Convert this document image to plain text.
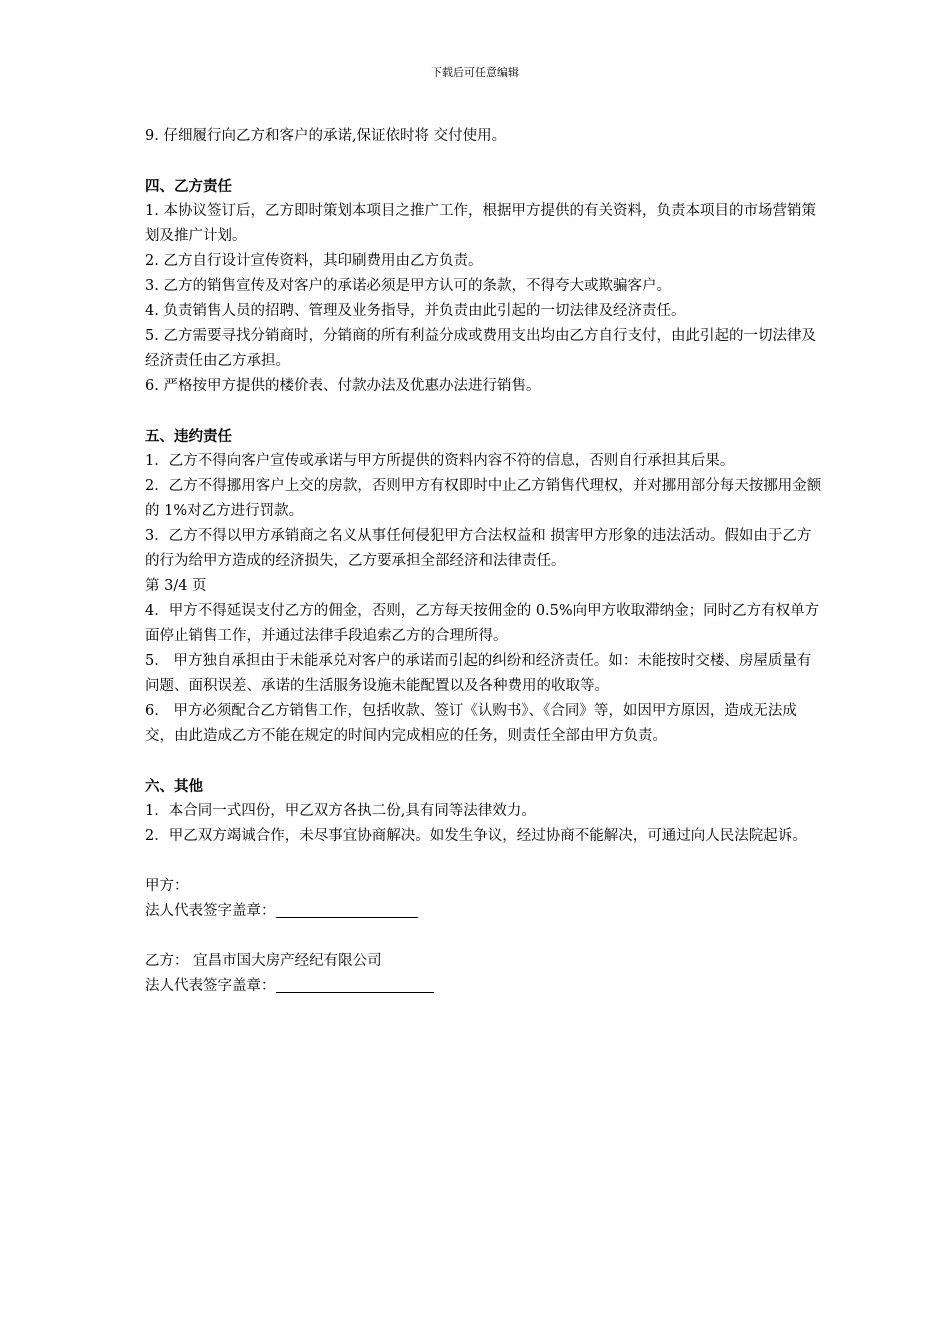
下载后可任意编辑

9. 仔细履行向乙方和客户的承诺,保证依时将 交付使用。

四、乙方责任

1. 本协议签订后，乙方即时策划本项目之推广工作，根据甲方提供的有关资料，负责本项目的市场营销策划及推广计划。

2. 乙方自行设计宣传资料，其印刷费用由乙方负责。

3. 乙方的销售宣传及对客户的承诺必须是甲方认可的条款，不得夸大或欺骗客户。

4. 负责销售人员的招聘、管理及业务指导，并负责由此引起的一切法律及经济责任。

5. 乙方需要寻找分销商时，分销商的所有利益分成或费用支出均由乙方自行支付，由此引起的一切法律及经济责任由乙方承担。

6. 严格按甲方提供的楼价表、付款办法及优惠办法进行销售。

五、违约责任

1．乙方不得向客户宣传或承诺与甲方所提供的资料内容不符的信息，否则自行承担其后果。

2．乙方不得挪用客户上交的房款，否则甲方有权即时中止乙方销售代理权，并对挪用部分每天按挪用金额的 1%对乙方进行罚款。

3．乙方不得以甲方承销商之名义从事任何侵犯甲方合法权益和 损害甲方形象的违法活动。假如由于乙方的行为给甲方造成的经济损失，乙方要承担全部经济和法律责任。

第 3/4 页

4．甲方不得延误支付乙方的佣金，否则，乙方每天按佣金的 0.5%向甲方收取滞纳金；同时乙方有权单方面停止销售工作，并通过法律手段追索乙方的合理所得。

5． 甲方独自承担由于未能承兑对客户的承诺而引起的纠纷和经济责任。如：未能按时交楼、房屋质量有问题、面积误差、承诺的生活服务设施未能配置以及各种费用的收取等。

6． 甲方必须配合乙方销售工作，包括收款、签订《认购书》、《合同》等，如因甲方原因，造成无法成交，由此造成乙方不能在规定的时间内完成相应的任务，则责任全部由甲方负责。

六、其他

1．本合同一式四份，甲乙双方各执二份,具有同等法律效力。

2．甲乙双方竭诚合作，未尽事宜协商解决。如发生争议，经过协商不能解决，可通过向人民法院起诉。

甲方：

法人代表签字盖章：

乙方： 宜昌市国大房产经纪有限公司

法人代表签字盖章：
